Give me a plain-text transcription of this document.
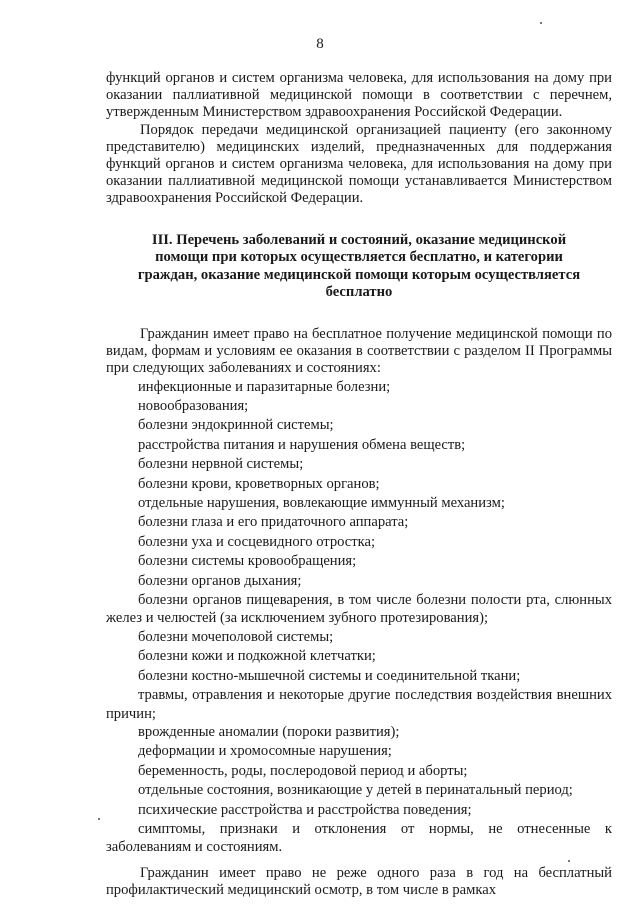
8

функций органов и систем организма человека, для использования на дому при оказании паллиативной медицинской помощи в соответствии с перечнем, утвержденным Министерством здравоохранения Российской Федерации.

Порядок передачи медицинской организацией пациенту (его законному представителю) медицинских изделий, предназначенных для поддержания функций органов и систем организма человека, для использования на дому при оказании паллиативной медицинской помощи устанавливается Министерством здравоохранения Российской Федерации.

III. Перечень заболеваний и состояний, оказание медицинской помощи при которых осуществляется бесплатно, и категории граждан, оказание медицинской помощи которым осуществляется бесплатно

Гражданин имеет право на бесплатное получение медицинской помощи по видам, формам и условиям ее оказания в соответствии с разделом II Программы при следующих заболеваниях и состояниях:

инфекционные и паразитарные болезни;

новообразования;

болезни эндокринной системы;

расстройства питания и нарушения обмена веществ;

болезни нервной системы;

болезни крови, кроветворных органов;

отдельные нарушения, вовлекающие иммунный механизм;

болезни глаза и его придаточного аппарата;

болезни уха и сосцевидного отростка;

болезни системы кровообращения;

болезни органов дыхания;

болезни органов пищеварения, в том числе болезни полости рта, слюнных желез и челюстей (за исключением зубного протезирования);

болезни мочеполовой системы;

болезни кожи и подкожной клетчатки;

болезни костно-мышечной системы и соединительной ткани;

травмы, отравления и некоторые другие последствия воздействия внешних причин;

врожденные аномалии (пороки развития);

деформации и хромосомные нарушения;

беременность, роды, послеродовой период и аборты;

отдельные состояния, возникающие у детей в перинатальный период;

психические расстройства и расстройства поведения;

симптомы, признаки и отклонения от нормы, не отнесенные к заболеваниям и состояниям.

Гражданин имеет право не реже одного раза в год на бесплатный профилактический медицинский осмотр, в том числе в рамках
